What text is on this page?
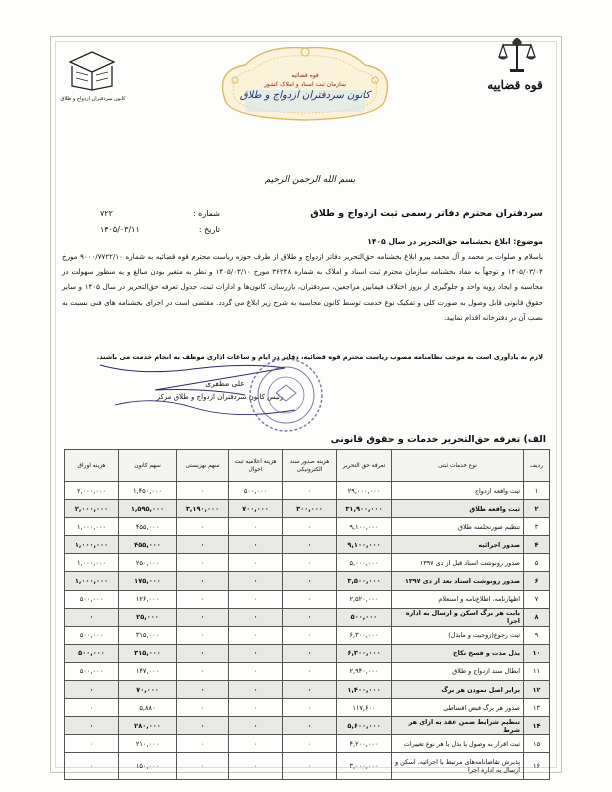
قوه قضائیه
سازمان ثبت اسناد و املاک کشور
کانون سردفتران ازدواج و طلاق
قوه قضاییه
کانون سردفتران ازدواج و طلاق
بسم الله الرحمن الرحیم
سردفتران محترم دفاتر رسمی ثبت ازدواج و طلاق
شماره :
۷۲۲
تاریخ :
۱۴۰۵/۰۳/۱۱
موضوع: ابلاغ بخشنامه حق‌التحریر در سال ۱۴۰۵
باسلام و صلوات بر محمد و آل محمد پیرو ابلاغ بخشنامه حق‌التحریر دفاتر ازدواج و طلاق از طرف حوزه ریاست محترم قوه قضائیه به شماره ۹۰۰۰/۷۷۲۲/۱۰ مورخ ۱۴۰۵/۰۳/۰۴ و توجهاً به مفاد بخشنامه سازمان محترم ثبت اسناد و املاک به شماره ۳۶۲۴۸ مورخ ۱۴۰۵/۰۳/۱۰ و نظر به متغیر بودن مبالغ و به منظور سهولت در محاسبه و ایجاد رویه واحد و جلوگیری از بروز اختلاف فیمابین مراجعین، سردفتران، بازرسان، کانون‌ها و ادارات ثبت، جدول تعرفه حق‌التحریر در سال ۱۴۰۵ و سایر حقوق قانونی قابل وصول به صورت کلی و تفکیک نوع خدمت توسط کانون محاسبه به شرح زیر ابلاغ می گردد. مقتضی است در اجرای بخشنامه های فنی نسبت به نصب آن در دفترخانه اقدام نمایید.
لازم به یادآوری است به موجب نظامنامه مصوب ریاست محترم قوه قضائیه، دفاتر در ایام و ساعات اداری موظف به انجام خدمت می باشند.
علی مظفری
رئیس کانون سردفتران ازدواج و طلاق مرکز
الف) تعرفه حق‌التحریر خدمات و حقوق قانونی
ردیف	نوع خدمات ثبتی	تعرفه حق التحریر	هزینه صدور سند الکترونیکی	هزینه اعلامیه ثبت احوال	سهم بهزیستی	سهم کانون	هزینه اوراق
۱	ثبت واقعه ازدواج	۲۹,۰۰۰,۰۰۰	۰	۵۰۰,۰۰۰	۰	۱,۴۵۰,۰۰۰	۲,۰۰۰,۰۰۰
۲	ثبت واقعه طلاق	۳۱,۹۰۰,۰۰۰	۳۰۰,۰۰۰	۷۰۰,۰۰۰	۳,۱۹۰,۰۰۰	۱,۵۹۵,۰۰۰	۲,۰۰۰,۰۰۰
۳	تنظیم صورتجلسه طلاق	۹,۱۰۰,۰۰۰	۰	۰	۰	۴۵۵,۰۰۰	۱,۰۰۰,۰۰۰
۴	صدور اجرائیه	۹,۱۰۰,۰۰۰	۰	۰	۰	۴۵۵,۰۰۰	۱,۰۰۰,۰۰۰
۵	صدور رونوشت اسناد قبل از دی ۱۳۹۷	۵,۰۰۰,۰۰۰	۰	۰	۰	۲۵۰,۰۰۰	۱,۰۰۰,۰۰۰
۶	صدور رونوشت اسناد بعد از دی ۱۳۹۷	۳,۵۰۰,۰۰۰	۰	۰	۰	۱۷۵,۰۰۰	۱,۰۰۰,۰۰۰
۷	اظهارنامه، اطلاع‌نامه و استعلام	۲,۵۲۰,۰۰۰	۰	۰	۰	۱۲۶,۰۰۰	۵۰۰,۰۰۰
۸	بابت هر برگ اسکن و ارسال به اداره اجرا	۵۰۰,۰۰۰	۰	۰	۰	۲۵,۰۰۰	۰
۹	ثبت رجوع(زوجیت و مابذل)	۶,۳۰۰,۰۰۰	۰	۰	۰	۳۱۵,۰۰۰	۵۰۰,۰۰۰
۱۰	بذل مدت و فسخ نکاح	۶,۳۰۰,۰۰۰	۰	۰	۰	۳۱۵,۰۰۰	۵۰۰,۰۰۰
۱۱	ابطال سند ازدواج و طلاق	۲,۹۴۰,۰۰۰	۰	۰	۰	۱۴۷,۰۰۰	۵۰۰,۰۰۰
۱۲	برابر اصل نمودن هر برگ	۱,۴۰۰,۰۰۰	۰	۰	۰	۷۰,۰۰۰	۰
۱۳	صدور هر برگ قبض اقساطی	۱۱۷,۶۰۰	۰	۰	۰	۵,۸۸۰	۰
۱۴	تنظیم شرایط ضمن عقد به ازای هر شرط	۵,۶۰۰,۰۰۰	۰	۰	۰	۲۸۰,۰۰۰	۰
۱۵	ثبت اقرار به وصول یا بذل یا هر نوع تغییرات	۴,۲۰۰,۰۰۰	۰	۰	۰	۲۱۰,۰۰۰	۰
۱۶	پذیرش تقاضانامه‌های مرتبط با اجرائیه، اسکن و ارسال به اداره اجرا	۳,۰۰۰,۰۰۰	۰	۰	۰	۱۵۰,۰۰۰	۰
